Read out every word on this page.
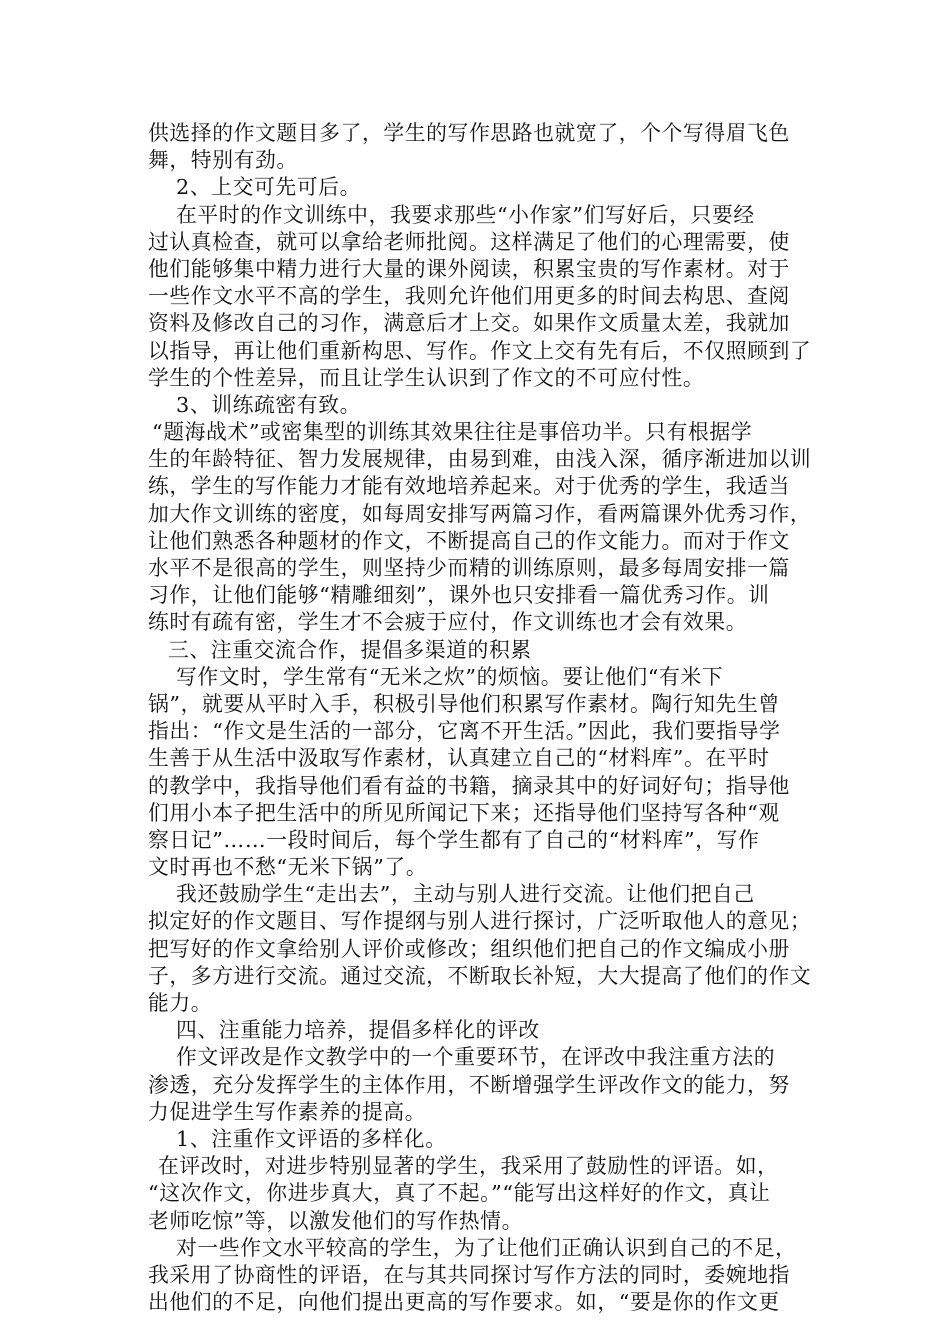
供选择的作文题目多了，学生的写作思路也就宽了，个个写得眉飞色
舞，特别有劲。
2、上交可先可后。
在平时的作文训练中，我要求那些“小作家”们写好后，只要经
过认真检查，就可以拿给老师批阅。这样满足了他们的心理需要，使
他们能够集中精力进行大量的课外阅读，积累宝贵的写作素材。对于
一些作文水平不高的学生，我则允许他们用更多的时间去构思、查阅
资料及修改自己的习作，满意后才上交。如果作文质量太差，我就加
以指导，再让他们重新构思、写作。作文上交有先有后，不仅照顾到了
学生的个性差异，而且让学生认识到了作文的不可应付性。
3、训练疏密有致。
“题海战术”或密集型的训练其效果往往是事倍功半。只有根据学
生的年龄特征、智力发展规律，由易到难，由浅入深，循序渐进加以训
练，学生的写作能力才能有效地培养起来。对于优秀的学生，我适当
加大作文训练的密度，如每周安排写两篇习作，看两篇课外优秀习作，
让他们熟悉各种题材的作文，不断提高自己的作文能力。而对于作文
水平不是很高的学生，则坚持少而精的训练原则，最多每周安排一篇
习作，让他们能够“精雕细刻”，课外也只安排看一篇优秀习作。训
练时有疏有密，学生才不会疲于应付，作文训练也才会有效果。
三、注重交流合作，提倡多渠道的积累
写作文时，学生常有“无米之炊”的烦恼。要让他们“有米下
锅”，就要从平时入手，积极引导他们积累写作素材。陶行知先生曾
指出：“作文是生活的一部分，它离不开生活。”因此，我们要指导学
生善于从生活中汲取写作素材，认真建立自己的“材料库”。在平时
的教学中，我指导他们看有益的书籍，摘录其中的好词好句；指导他
们用小本子把生活中的所见所闻记下来；还指导他们坚持写各种“观
察日记”……一段时间后，每个学生都有了自己的“材料库”，写作
文时再也不愁“无米下锅”了。
我还鼓励学生“走出去”，主动与别人进行交流。让他们把自己
拟定好的作文题目、写作提纲与别人进行探讨，广泛听取他人的意见；
把写好的作文拿给别人评价或修改；组织他们把自己的作文编成小册
子，多方进行交流。通过交流，不断取长补短，大大提高了他们的作文
能力。
四、注重能力培养，提倡多样化的评改
作文评改是作文教学中的一个重要环节，在评改中我注重方法的
渗透，充分发挥学生的主体作用，不断增强学生评改作文的能力，努
力促进学生写作素养的提高。
1、注重作文评语的多样化。
在评改时，对进步特别显著的学生，我采用了鼓励性的评语。如，
“这次作文，你进步真大，真了不起。”“能写出这样好的作文，真让
老师吃惊”等，以激发他们的写作热情。
对一些作文水平较高的学生，为了让他们正确认识到自己的不足，
我采用了协商性的评语，在与其共同探讨写作方法的同时，委婉地指
出他们的不足，向他们提出更高的写作要求。如，“要是你的作文更
